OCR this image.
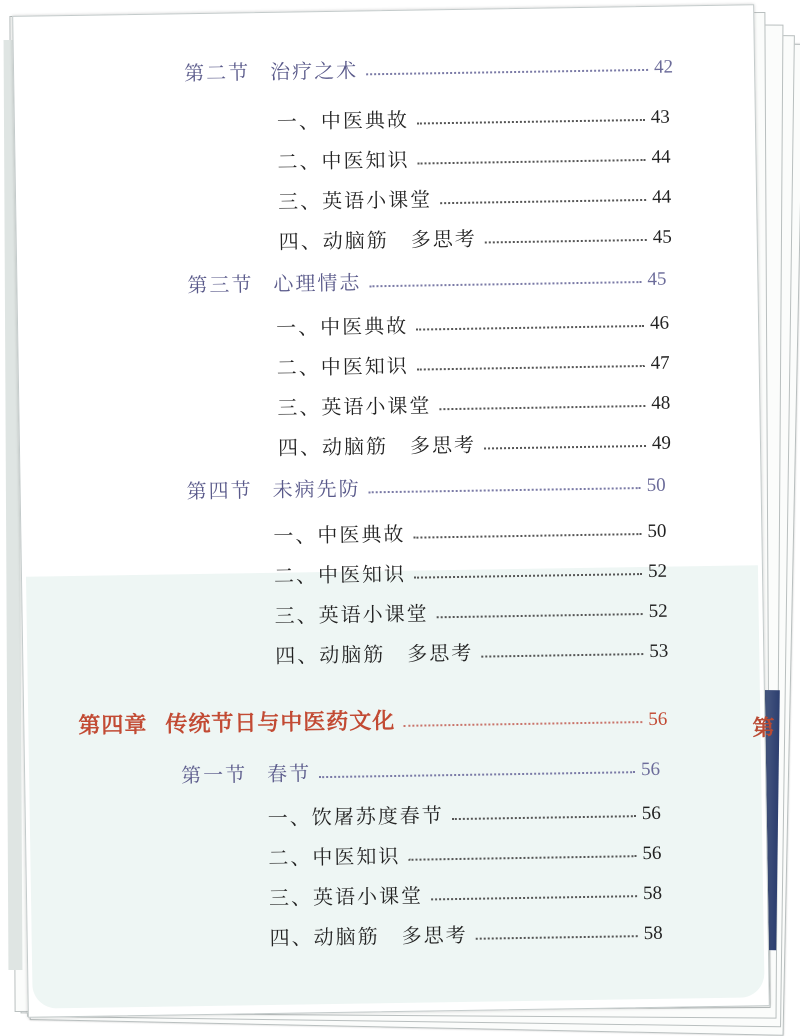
第
第二节 治疗之术	42
一、中医典故	43
二、中医知识	44
三、英语小课堂	44
四、动脑筋　多思考	45
第三节 心理情志	45
一、中医典故	46
二、中医知识	47
三、英语小课堂	48
四、动脑筋　多思考	49
第四节 未病先防	50
一、中医典故	50
二、中医知识	52
三、英语小课堂	52
四、动脑筋　多思考	53
第四章 传统节日与中医药文化	56
第一节 春节	56
一、饮屠苏度春节	56
二、中医知识	56
三、英语小课堂	58
四、动脑筋　多思考	58
